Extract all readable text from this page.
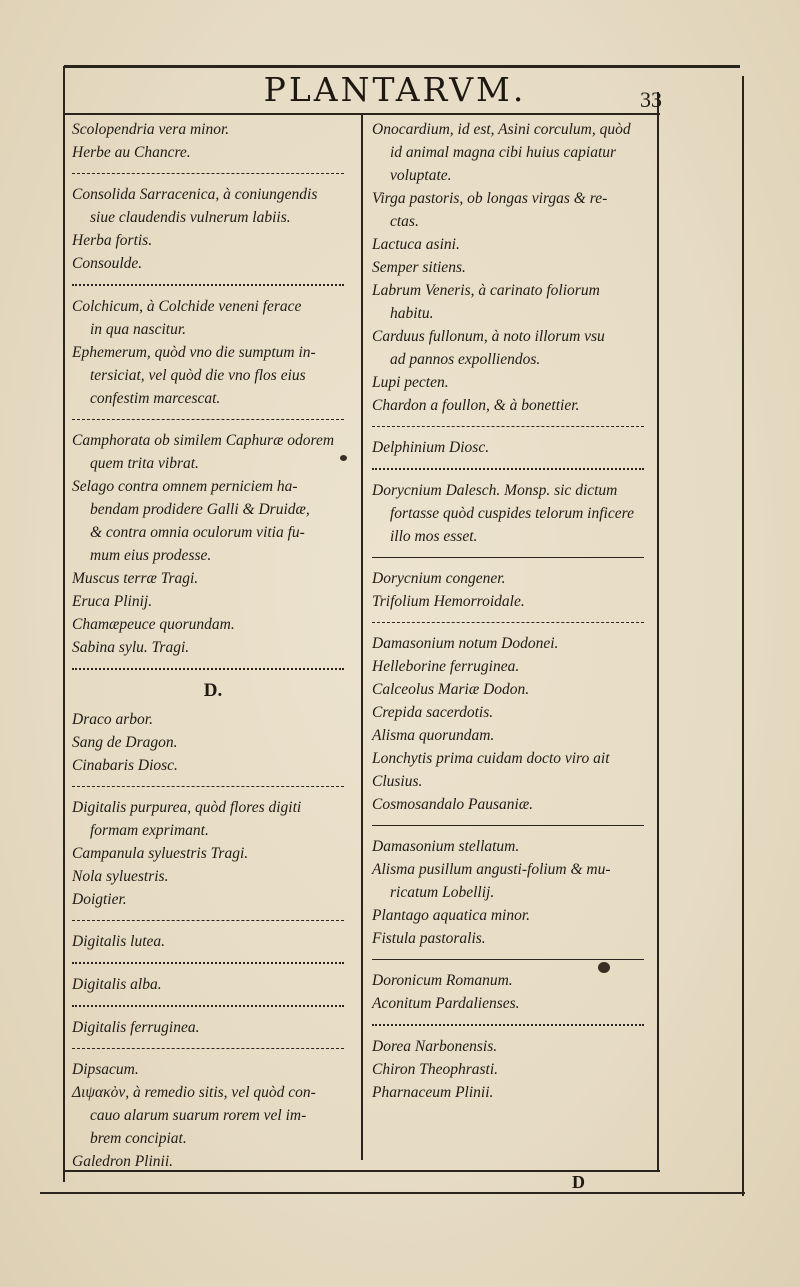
PLANTARVM.	33
Scolopendria vera minor.
Herbe au Chancre.
Consolida Sarracenica, à coniungendis
siue claudendis vulnerum labiis.
Herba fortis.
Consoulde.
Colchicum, à Colchide veneni ferace
in qua nascitur.
Ephemerum, quòd vno die sumptum in-
tersiciat, vel quòd die vno flos eius
confestim marcescat.
Camphorata ob similem Caphuræ odorem
quem trita vibrat.
Selago contra omnem perniciem ha-
bendam prodidere Galli & Druidæ,
& contra omnia oculorum vitia fu-
mum eius prodesse.
Muscus terræ Tragi.
Eruca Plinij.
Chamæpeuce quorundam.
Sabina sylu. Tragi.
D.
Draco arbor.
Sang de Dragon.
Cinabaris Diosc.
Digitalis purpurea, quòd flores digiti
formam exprimant.
Campanula syluestris Tragi.
Nola syluestris.
Doigtier.
Digitalis lutea.
Digitalis alba.
Digitalis ferruginea.
Dipsacum.
Διψακὸν, à remedio sitis, vel quòd con-
cauo alarum suarum rorem vel im-
brem concipiat.
Galedron Plinii.
Onocardium, id est, Asini corculum, quòd
id animal magna cibi huius capiatur
voluptate.
Virga pastoris, ob longas virgas & re-
ctas.
Lactuca asini.
Semper sitiens.
Labrum Veneris, à carinato foliorum
habitu.
Carduus fullonum, à noto illorum vsu
ad pannos expolliendos.
Lupi pecten.
Chardon a foullon, & à bonettier.
Delphinium Diosc.
Dorycnium Dalesch. Monsp. sic dictum
fortasse quòd cuspides telorum inficere
illo mos esset.
Dorycnium congener.
Trifolium Hemorroidale.
Damasonium notum Dodonei.
Helleborine ferruginea.
Calceolus Mariæ Dodon.
Crepida sacerdotis.
Alisma quorundam.
Lonchytis prima cuidam docto viro ait
Clusius.
Cosmosandalo Pausaniæ.
Damasonium stellatum.
Alisma pusillum angusti-folium & mu-
ricatum Lobellij.
Plantago aquatica minor.
Fistula pastoralis.
Doronicum Romanum.
Aconitum Pardalienses.
Dorea Narbonensis.
Chiron Theophrasti.
Pharnaceum Plinii.
D
